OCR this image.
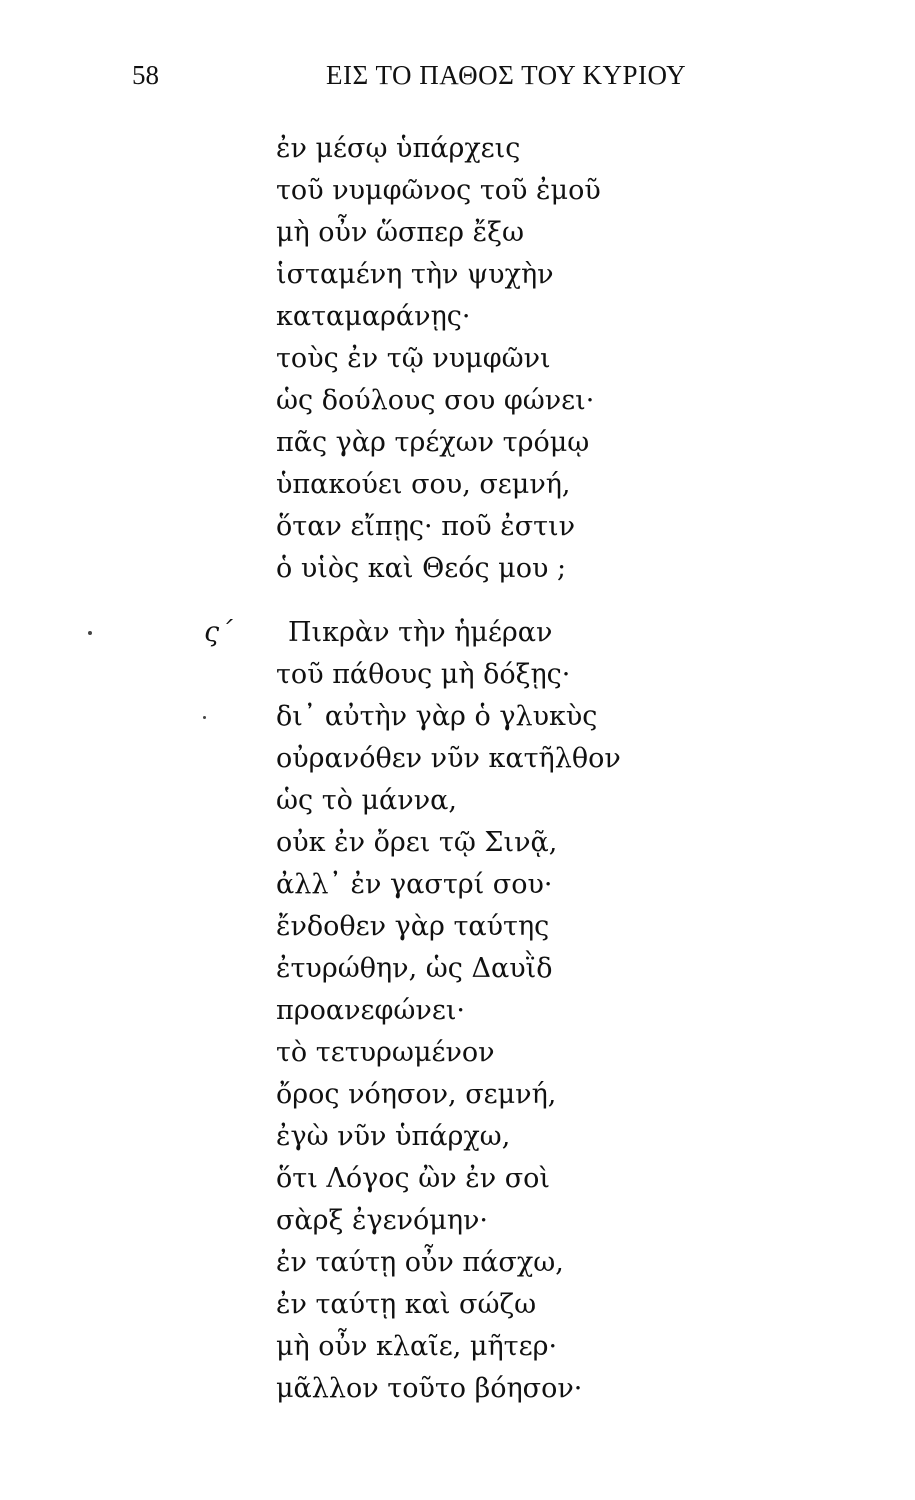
58	ΕΙΣ ΤΟ ΠΑΘΟΣ ΤΟΥ ΚΥΡΙΟΥ
ἐν μέσῳ ὑπάρχεις
τοῦ νυμφῶνος τοῦ ἐμοῦ
μὴ οὖν ὥσπερ ἔξω
ἱσταμένη τὴν ψυχὴν
καταμαράνῃς·
τοὺς ἐν τῷ νυμφῶνι
ὡς δούλους σου φώνει·
πᾶς γὰρ τρέχων τρόμῳ
ὑπακούει σου, σεμνή,
ὅταν εἴπῃς· ποῦ ἐστιν
ὁ υἱὸς καὶ Θεός μου ;
ς΄	Πικρὰν τὴν ἡμέραν
τοῦ πάθους μὴ δόξῃς·
δι᾽ αὐτὴν γὰρ ὁ γλυκὺς
οὐρανόθεν νῦν κατῆλθον
ὡς τὸ μάννα,
οὐκ ἐν ὄρει τῷ Σινᾷ,
ἀλλ᾽ ἐν γαστρί σου·
ἔνδοθεν γὰρ ταύτης
ἐτυρώθην, ὡς Δαυῒδ
προανεφώνει·
τὸ τετυρωμένον
ὄρος νόησον, σεμνή,
ἐγὼ νῦν ὑπάρχω,
ὅτι Λόγος ὢν ἐν σοὶ
σὰρξ ἐγενόμην·
ἐν ταύτῃ οὖν πάσχω,
ἐν ταύτῃ καὶ σώζω
μὴ οὖν κλαῖε, μῆτερ·
μᾶλλον τοῦτο βόησον·
